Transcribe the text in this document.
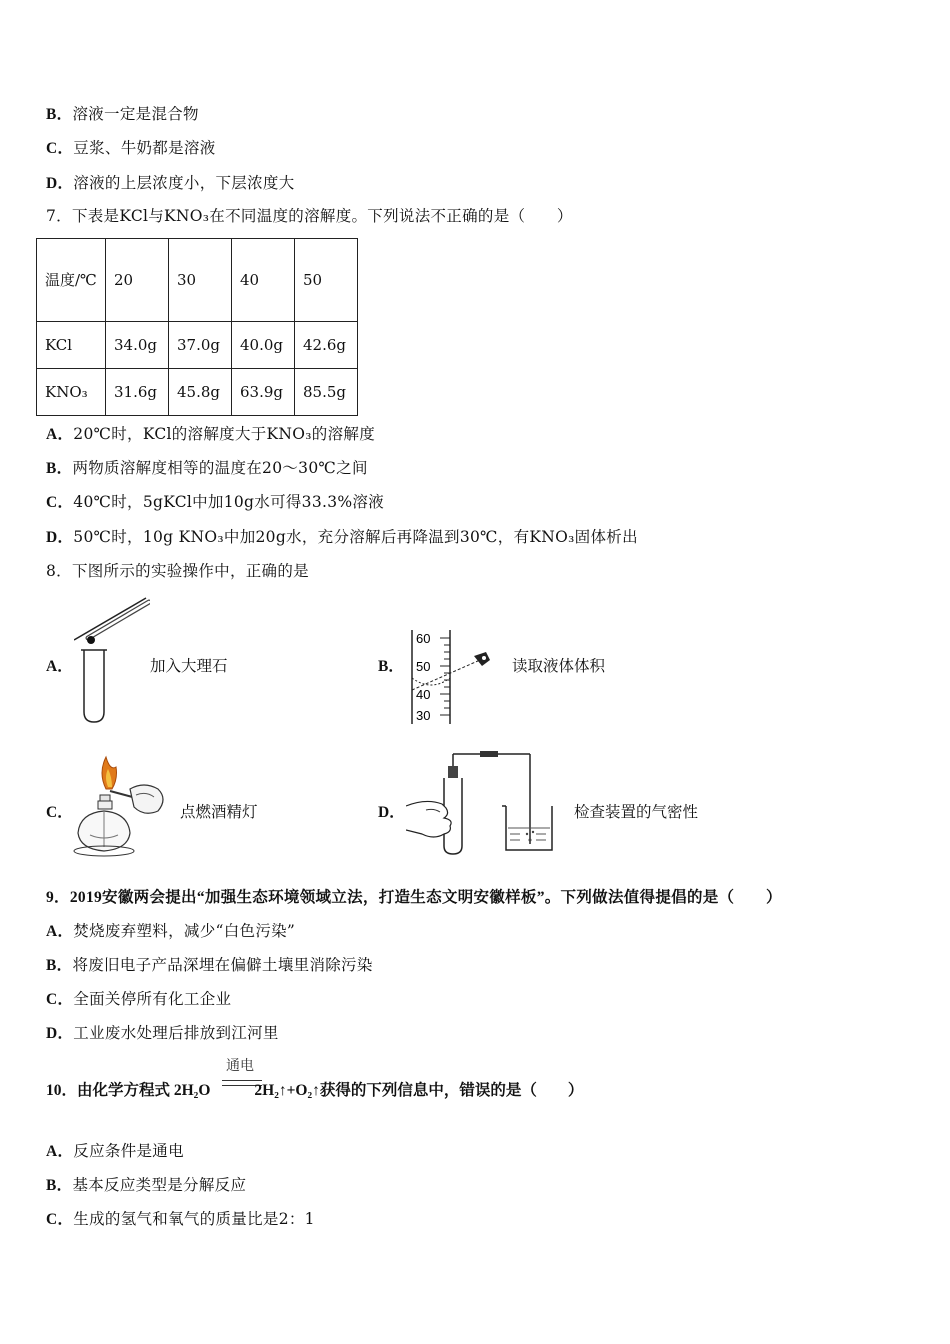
B．溶液一定是混合物
C．豆浆、牛奶都是溶液
D．溶液的上层浓度小，下层浓度大
7．下表是KCl与KNO₃在不同温度的溶解度。下列说法不正确的是（　　）
温度/℃	20	30	40	50
KCl	34.0g	37.0g	40.0g	42.6g
KNO₃	31.6g	45.8g	63.9g	85.5g
A．20℃时，KCl的溶解度大于KNO₃的溶解度
B．两物质溶解度相等的温度在20～30℃之间
C．40℃时，5gKCl中加10g水可得33.3%溶液
D．50℃时，10g KNO₃中加20g水，充分溶解后再降温到30℃，有KNO₃固体析出
8．下图所示的实验操作中，正确的是
A．	加入大理石	B．
60
50
40
30
读取液体体积
C．	点燃酒精灯	D．	检查装置的气密性
9．2019安徽两会提出“加强生态环境领域立法，打造生态文明安徽样板”。下列做法值得提倡的是（　　）
A．焚烧废弃塑料，减少“白色污染”
B．将废旧电子产品深埋在偏僻土壤里消除污染
C．全面关停所有化工企业
D．工业废水处理后排放到江河里
通电
10．由化学方程式 2H₂O	2H₂↑+O₂↑获得的下列信息中，错误的是（　　）
A．反应条件是通电
B．基本反应类型是分解反应
C．生成的氢气和氧气的质量比是2：1
